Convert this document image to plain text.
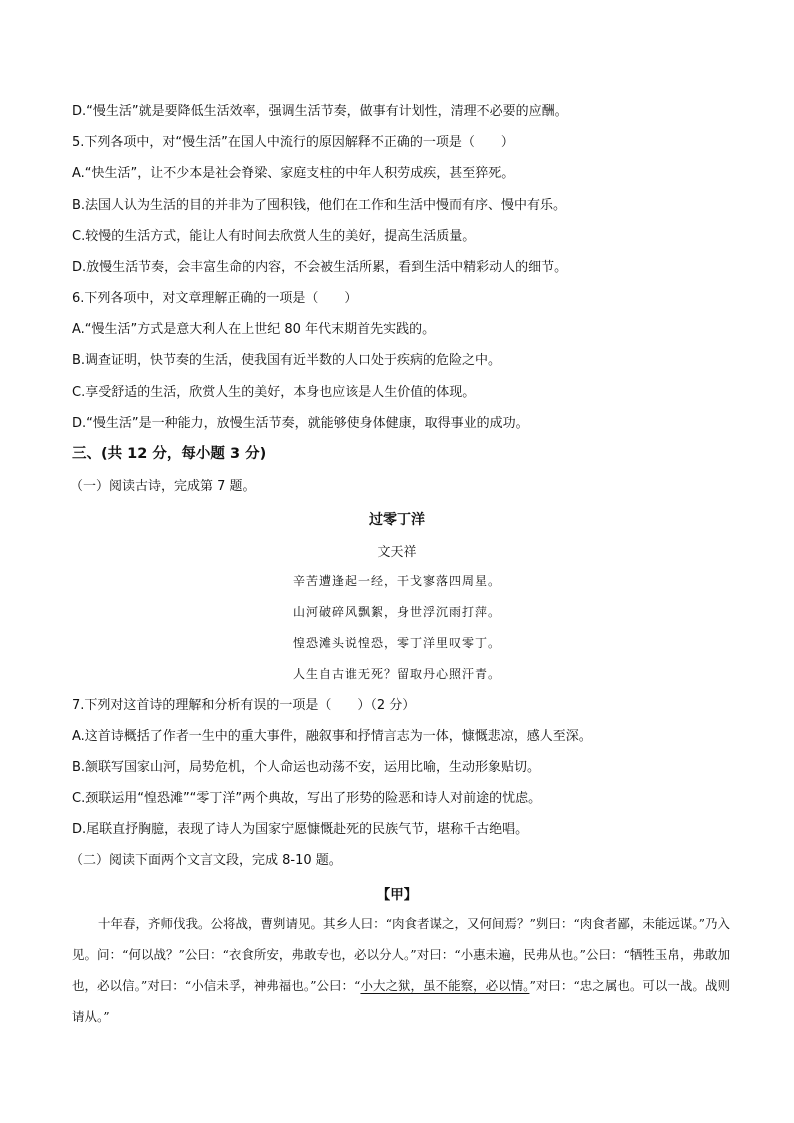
D.“慢生活”就是要降低生活效率，强调生活节奏，做事有计划性，清理不必要的应酬。
5.下列各项中，对“慢生活”在国人中流行的原因解释不正确的一项是（　　）
A.“快生活”，让不少本是社会脊梁、家庭支柱的中年人积劳成疾，甚至猝死。
B.法国人认为生活的目的并非为了囤积钱，他们在工作和生活中慢而有序、慢中有乐。
C.较慢的生活方式，能让人有时间去欣赏人生的美好，提高生活质量。
D.放慢生活节奏，会丰富生命的内容，不会被生活所累，看到生活中精彩动人的细节。
6.下列各项中，对文章理解正确的一项是（　　）
A.“慢生活”方式是意大利人在上世纪 80 年代末期首先实践的。
B.调查证明，快节奏的生活，使我国有近半数的人口处于疾病的危险之中。
C.享受舒适的生活，欣赏人生的美好，本身也应该是人生价值的体现。
D.“慢生活”是一种能力，放慢生活节奏，就能够使身体健康，取得事业的成功。
三、(共 12 分，每小题 3 分)
（一）阅读古诗，完成第 7 题。
过零丁洋
文天祥
辛苦遭逢起一经，干戈寥落四周星。
山河破碎风飘絮，身世浮沉雨打萍。
惶恐滩头说惶恐，零丁洋里叹零丁。
人生自古谁无死？留取丹心照汗青。
7.下列对这首诗的理解和分析有误的一项是（　　）（2 分）
A.这首诗概括了作者一生中的重大事件，融叙事和抒情言志为一体，慷慨悲凉，感人至深。
B.颔联写国家山河，局势危机，个人命运也动荡不安，运用比喻，生动形象贴切。
C.颈联运用“惶恐滩”“零丁洋”两个典故，写出了形势的险恶和诗人对前途的忧虑。
D.尾联直抒胸臆，表现了诗人为国家宁愿慷慨赴死的民族气节，堪称千古绝唱。
（二）阅读下面两个文言文段，完成 8-10 题。
【甲】
十年春，齐师伐我。公将战，曹刿请见。其乡人曰：“肉食者谋之，又何间焉？”刿曰：“肉食者鄙，未能远谋。”乃入见。问：“何以战？”公曰：“衣食所安，弗敢专也，必以分人。”对曰：“小惠未遍，民弗从也。”公曰：“牺牲玉帛，弗敢加也，必以信。”对曰：“小信未孚，神弗福也。”公曰：“小大之狱，虽不能察，必以情。”对曰：“忠之属也。可以一战。战则请从。”
